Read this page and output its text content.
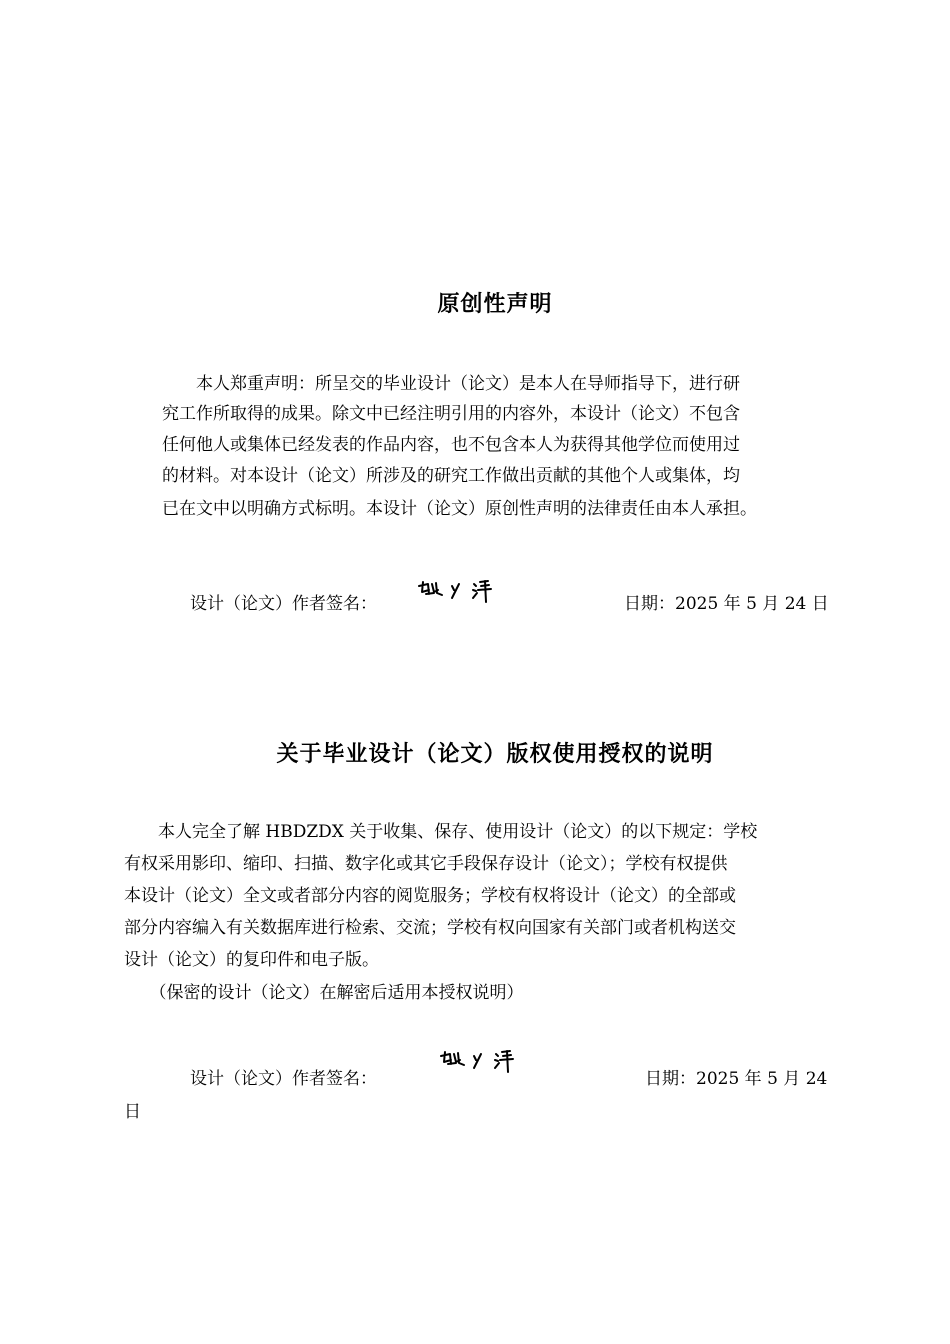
原创性声明
　　本人郑重声明：所呈交的毕业设计（论文）是本人在导师指导下，进行研
究工作所取得的成果。除文中已经注明引用的内容外，本设计（论文）不包含
任何他人或集体已经发表的作品内容，也不包含本人为获得其他学位而使用过
的材料。对本设计（论文）所涉及的研究工作做出贡献的其他个人或集体，均
已在文中以明确方式标明。本设计（论文）原创性声明的法律责任由本人承担。
设计（论文）作者签名：	日期：2025 年 5 月 24 日
关于毕业设计（论文）版权使用授权的说明
　　本人完全了解 HBDZDX 关于收集、保存、使用设计（论文）的以下规定：学校
有权采用影印、缩印、扫描、数字化或其它手段保存设计（论文）；学校有权提供
本设计（论文）全文或者部分内容的阅览服务；学校有权将设计（论文）的全部或
部分内容编入有关数据库进行检索、交流；学校有权向国家有关部门或者机构送交
设计（论文）的复印件和电子版。
　　（保密的设计（论文）在解密后适用本授权说明）
设计（论文）作者签名：	日期：2025 年 5 月 24
日
